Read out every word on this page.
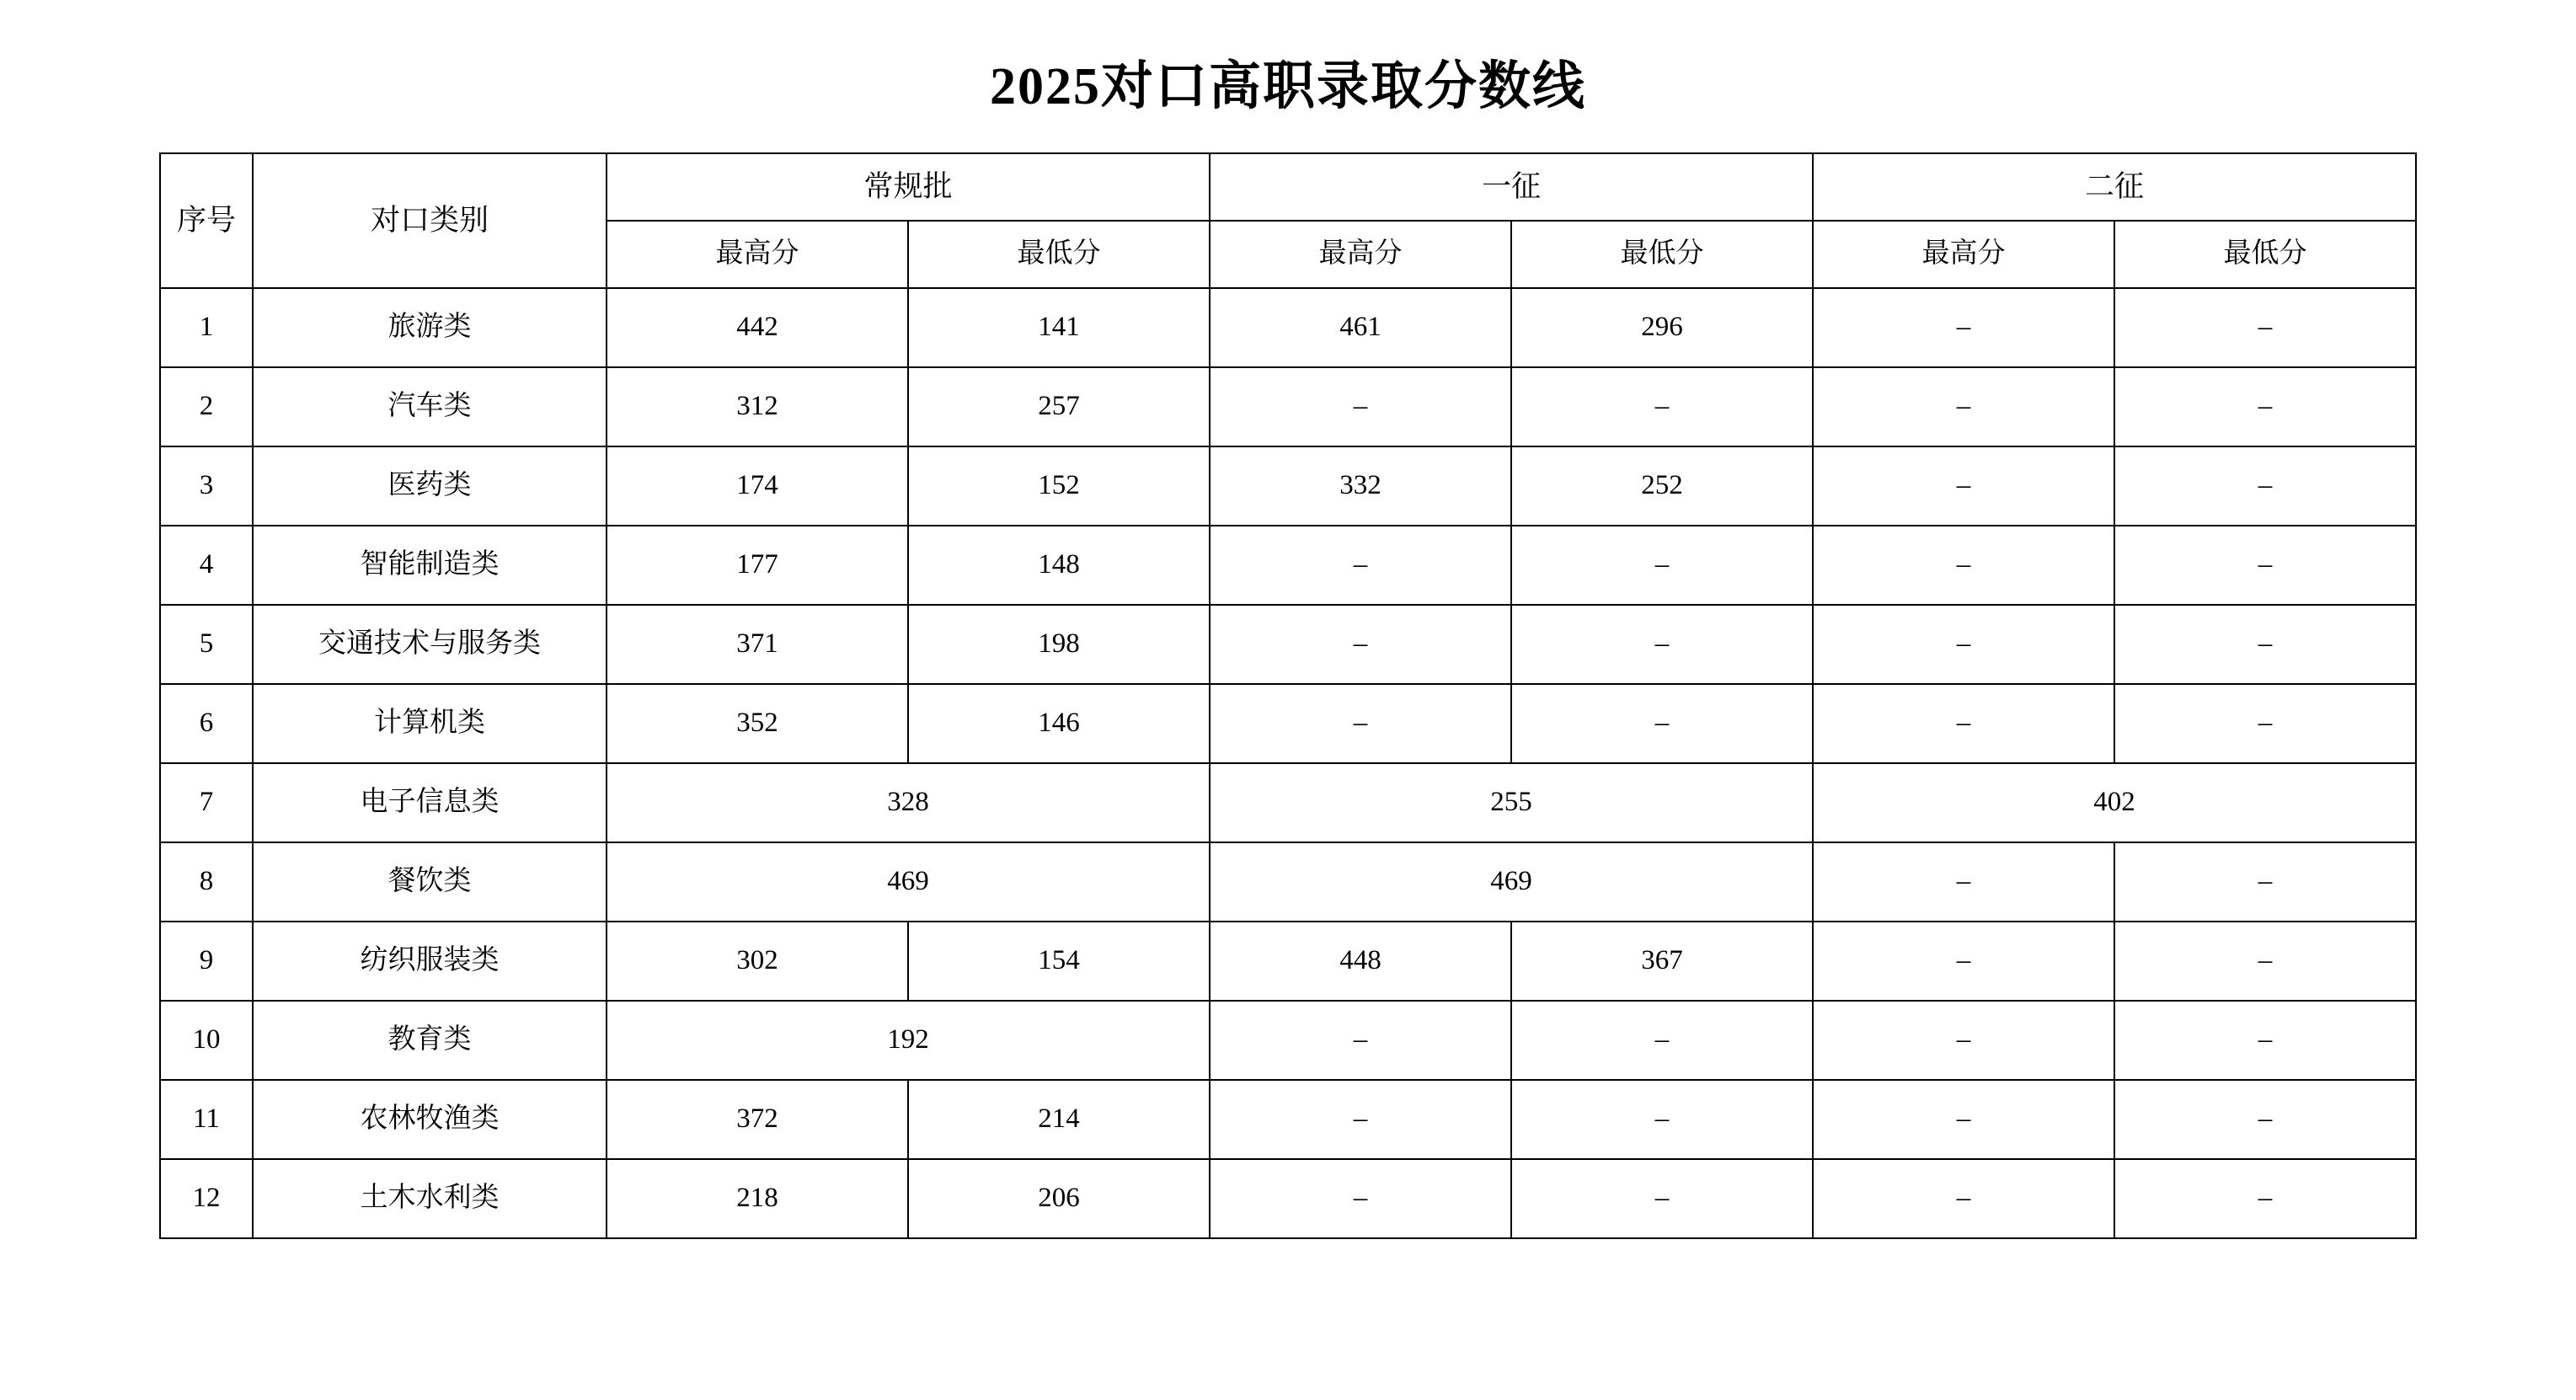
2025对口高职录取分数线
序号	对口类别	常规批		一征		二征	
		最高分	最低分	最高分	最低分	最高分	最低分
1	旅游类	442	141	461	296	–	–
2	汽车类	312	257	–	–	–	–
3	医药类	174	152	332	252	–	–
4	智能制造类	177	148	–	–	–	–
5	交通技术与服务类	371	198	–	–	–	–
6	计算机类	352	146	–	–	–	–
7	电子信息类	328		255		402	
8	餐饮类	469		469		–	–
9	纺织服装类	302	154	448	367	–	–
10	教育类	192		–	–	–	–
11	农林牧渔类	372	214	–	–	–	–
12	土木水利类	218	206	–	–	–	–
